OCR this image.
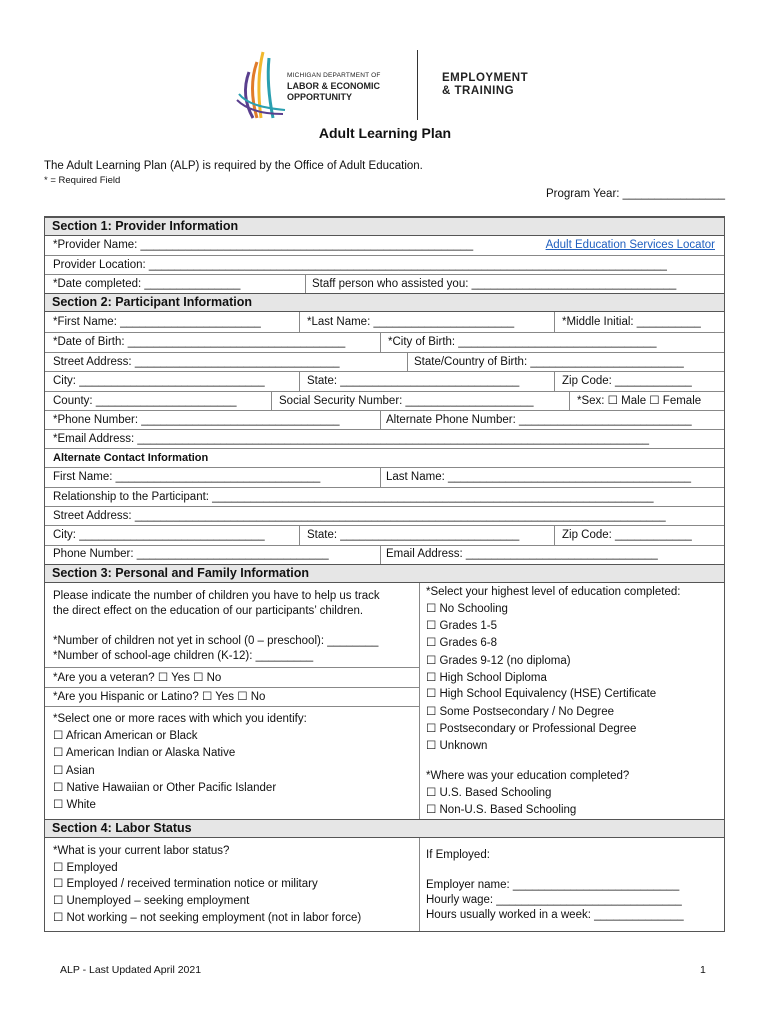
MICHIGAN DEPARTMENT OF
LABOR & ECONOMIC
OPPORTUNITY
EMPLOYMENT
& TRAINING
Adult Learning Plan
The Adult Learning Plan (ALP) is required by the Office of Adult Education.
* = Required Field
Program Year: ________________
Section 1: Provider Information
*Provider Name: ____________________________________________________	Adult Education Services Locator
Provider Location: _________________________________________________________________________________
*Date completed: _______________	Staff person who assisted you: ________________________________
Section 2: Participant Information
*First Name: ______________________	*Last Name: ______________________	*Middle Initial: __________
*Date of Birth: __________________________________	*City of Birth: _______________________________
Street Address: ________________________________	State/Country of Birth: ________________________
City: _____________________________	State: ____________________________	Zip Code: ____________
County: ______________________	Social Security Number: ____________________	*Sex: ☐ Male ☐ Female
*Phone Number: _______________________________	Alternate Phone Number: ___________________________
*Email Address: ________________________________________________________________________________
Alternate Contact Information
First Name: ________________________________	Last Name: ______________________________________
Relationship to the Participant: _____________________________________________________________________
Street Address: ___________________________________________________________________________________
City: _____________________________	State: ____________________________	Zip Code: ____________
Phone Number: ______________________________	Email Address: ______________________________
Section 3: Personal and Family Information
Please indicate the number of children you have to help us track
the direct effect on the education of our participants’ children.
*Number of children not yet in school (0 – preschool): ________
*Number of school-age children (K-12): _________
*Are you a veteran? ☐ Yes ☐ No
*Are you Hispanic or Latino? ☐ Yes ☐ No
*Select one or more races with which you identify:
☐ African American or Black
☐ American Indian or Alaska Native
☐ Asian
☐ Native Hawaiian or Other Pacific Islander
☐ White
*Select your highest level of education completed:
☐ No Schooling
☐ Grades 1-5
☐ Grades 6-8
☐ Grades 9-12 (no diploma)
☐ High School Diploma
☐ High School Equivalency (HSE) Certificate
☐ Some Postsecondary / No Degree
☐ Postsecondary or Professional Degree
☐ Unknown
*Where was your education completed?
☐ U.S. Based Schooling
☐ Non-U.S. Based Schooling
Section 4: Labor Status
*What is your current labor status?
☐ Employed
☐ Employed / received termination notice or military
☐ Unemployed – seeking employment
☐ Not working – not seeking employment (not in labor force)
If Employed:
Employer name: __________________________
Hourly wage: _____________________________
Hours usually worked in a week: ______________
ALP - Last Updated April 2021	1
